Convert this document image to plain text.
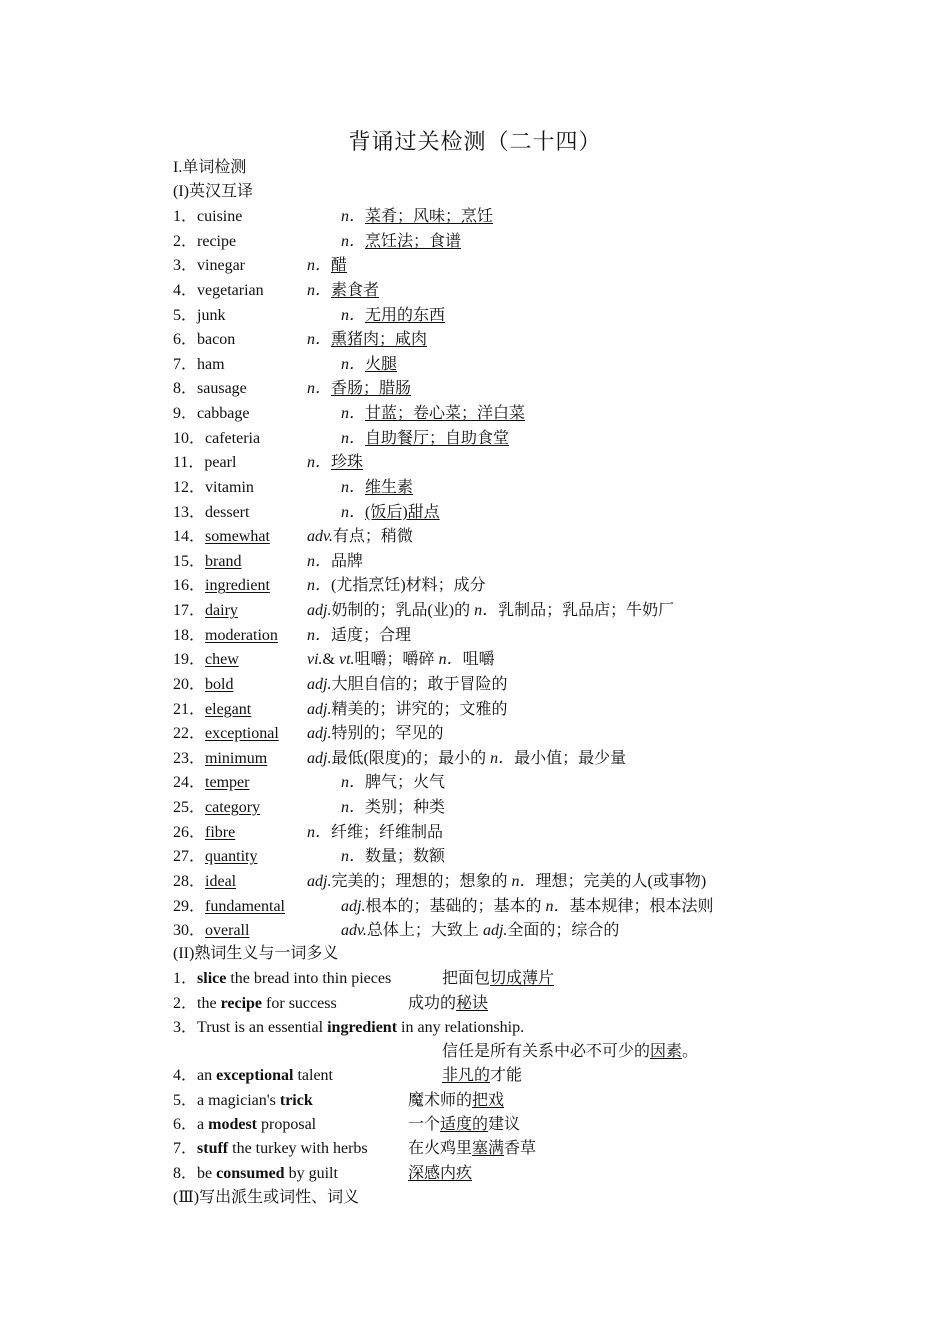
背诵过关检测（二十四）
I.单词检测
(I)英汉互译
1．cuisine	n．菜肴；风味；烹饪
2．recipe	n．烹饪法；食谱
3．vinegar	n．醋
4．vegetarian	n．素食者
5．junk	n．无用的东西
6．bacon	n．熏猪肉；咸肉
7．ham	n．火腿
8．sausage	n．香肠；腊肠
9．cabbage	n．甘蓝；卷心菜；洋白菜
10．cafeteria	n．自助餐厅；自助食堂
11．pearl	n．珍珠
12．vitamin	n．维生素
13．dessert	n．(饭后)甜点
14．somewhat adv.有点；稍微
15．brand	n．品牌
16．ingredient n．(尤指烹饪)材料；成分
17．dairy	adj.奶制的；乳品(业)的 n．乳制品；乳品店；牛奶厂
18．moderation n．适度；合理
19．chew	vi.& vt.咀嚼；嚼碎 n．咀嚼
20．bold	adj.大胆自信的；敢于冒险的
21．elegant	adj.精美的；讲究的；文雅的
22．exceptional adj.特别的；罕见的
23．minimum adj.最低(限度)的；最小的 n．最小值；最少量
24．temper	n．脾气；火气
25．category	n．类别；种类
26．fibre	n．纤维；纤维制品
27．quantity	n．数量；数额
28．ideal	adj.完美的；理想的；想象的 n．理想；完美的人(或事物)
29．fundamental	adj.根本的；基础的；基本的 n．基本规律；根本法则
30．overall	adv.总体上；大致上 adj.全面的；综合的
(II)熟词生义与一词多义
1．slice the bread into thin pieces	把面包切成薄片
2．the recipe for success	成功的秘诀
3．Trust is an essential ingredient in any relationship.
信任是所有关系中必不可少的因素。
4．an exceptional talent	非凡的才能
5．a magician's trick	魔术师的把戏
6．a modest proposal	一个适度的建议
7．stuff the turkey with herbs	在火鸡里塞满香草
8．be consumed by guilt	深感内疚
(Ⅲ)写出派生或词性、词义
